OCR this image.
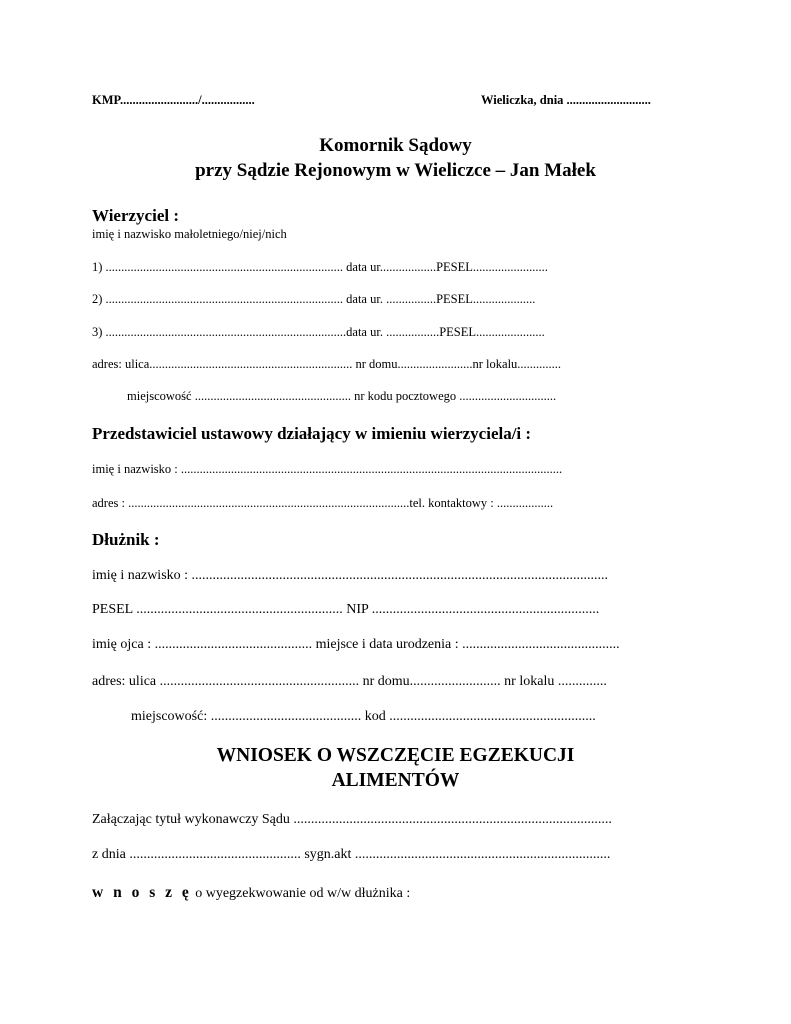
KMP........................./.................	Wieliczka, dnia ...........................
Komornik Sądowy
przy Sądzie Rejonowym w Wieliczce – Jan Małek
Wierzyciel :
imię i nazwisko małoletniego/niej/nich
1) ............................................................................ data ur..................PESEL........................
2) ............................................................................ data ur. ................PESEL....................
3) .............................................................................data ur. .................PESEL......................
adres: ulica................................................................. nr domu........................nr lokalu..............
miejscowość .................................................. nr kodu pocztowego ...............................
Przedstawiciel ustawowy działający w imieniu wierzyciela/i :
imię i nazwisko : ..........................................................................................................................
adres : ..........................................................................................tel. kontaktowy : ..................
Dłużnik :
imię i nazwisko : .......................................................................................................................
PESEL ........................................................... NIP .................................................................
imię ojca : ............................................. miejsce i data urodzenia : .............................................
adres: ulica ......................................................... nr domu.......................... nr lokalu ..............
miejscowość: ........................................... kod ...........................................................
WNIOSEK O WSZCZĘCIE EGZEKUCJI
ALIMENTÓW
Załączając tytuł wykonawczy Sądu ...........................................................................................
z dnia ................................................. sygn.akt .........................................................................
w n o s z ę o wyegzekwowanie od w/w dłużnika :
